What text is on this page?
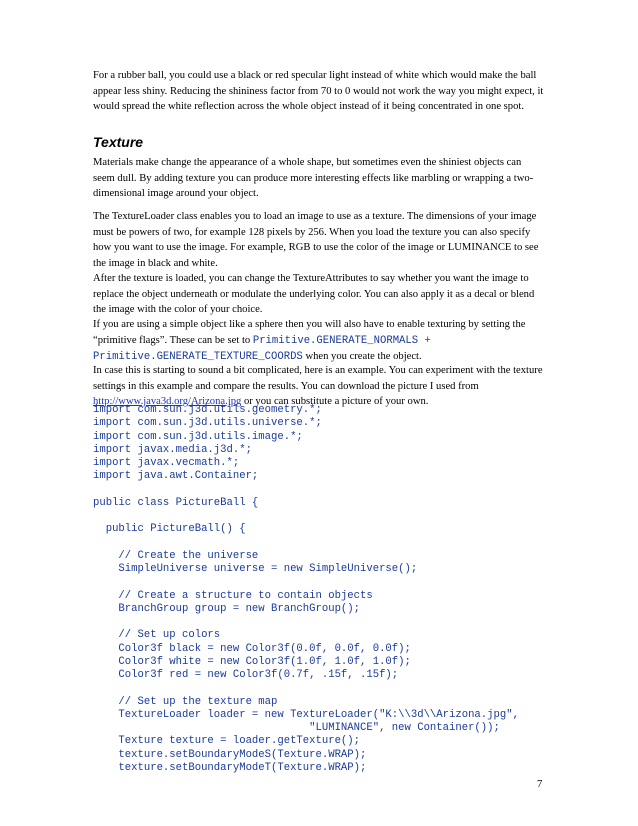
For a rubber ball, you could use a black or red specular light instead of white which would make the ball appear less shiny. Reducing the shininess factor from 70 to 0 would not work the way you might expect, it would spread the white reflection across the whole object instead of it being concentrated in one spot.

Texture

Materials make change the appearance of a whole shape, but sometimes even the shiniest objects can seem dull. By adding texture you can produce more interesting effects like marbling or wrapping a two-dimensional image around your object.

The TextureLoader class enables you to load an image to use as a texture. The dimensions of your image must be powers of two, for example 128 pixels by 256. When you load the texture you can also specify how you want to use the image. For example, RGB to use the color of the image or LUMINANCE to see the image in black and white.

After the texture is loaded, you can change the TextureAttributes to say whether you want the image to replace the object underneath or modulate the underlying color. You can also apply it as a decal or blend the image with the color of your choice.

If you are using a simple object like a sphere then you will also have to enable texturing by setting the “primitive flags”. These can be set to Primitive.GENERATE_NORMALS + Primitive.GENERATE_TEXTURE_COORDS when you create the object.

In case this is starting to sound a bit complicated, here is an example. You can experiment with the texture settings in this example and compare the results. You can download the picture I used from http://www.java3d.org/Arizona.jpg or you can substitute a picture of your own.

import com.sun.j3d.utils.geometry.*;
import com.sun.j3d.utils.universe.*;
import com.sun.j3d.utils.image.*;
import javax.media.j3d.*;
import javax.vecmath.*;
import java.awt.Container;

public class PictureBall {

public PictureBall() {

// Create the universe
SimpleUniverse universe = new SimpleUniverse();

// Create a structure to contain objects
BranchGroup group = new BranchGroup();

// Set up colors
Color3f black = new Color3f(0.0f, 0.0f, 0.0f);
Color3f white = new Color3f(1.0f, 1.0f, 1.0f);
Color3f red = new Color3f(0.7f, .15f, .15f);

// Set up the texture map
TextureLoader loader = new TextureLoader("K:\\3d\\Arizona.jpg",
"LUMINANCE", new Container());
Texture texture = loader.getTexture();
texture.setBoundaryModeS(Texture.WRAP);
texture.setBoundaryModeT(Texture.WRAP);
7
